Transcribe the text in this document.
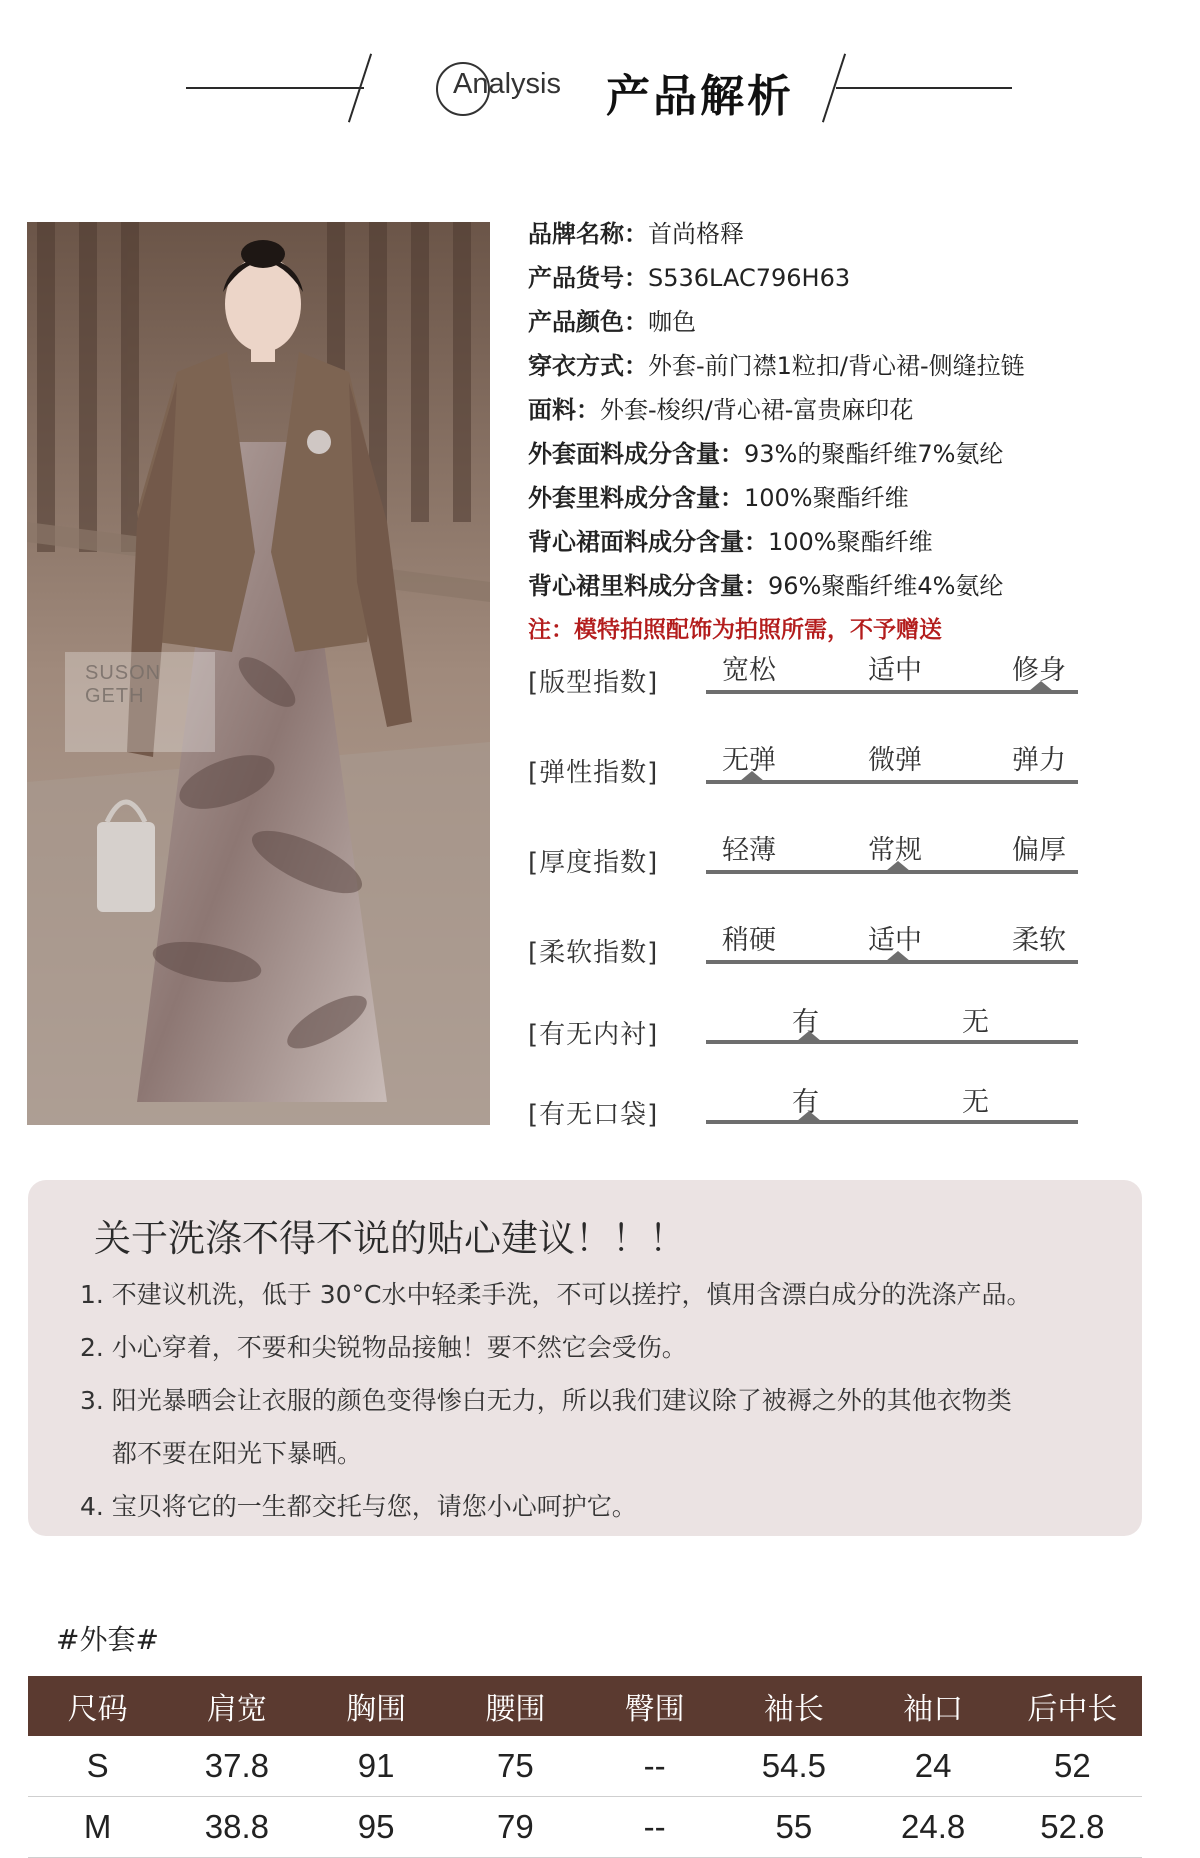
Analysis 产品解析
SUSON GETH
品牌名称：首尚格释
产品货号：S536LAC796H63
产品颜色：咖色
穿衣方式：外套-前门襟1粒扣/背心裙-侧缝拉链
面料：外套-梭织/背心裙-富贵麻印花
外套面料成分含量：93%的聚酯纤维7%氨纶
外套里料成分含量：100%聚酯纤维
背心裙面料成分含量：100%聚酯纤维
背心裙里料成分含量：96%聚酯纤维4%氨纶
注：模特拍照配饰为拍照所需，不予赠送
[版型指数] 宽松	适中	修身
[弹性指数] 无弹	微弹	弹力
[厚度指数] 轻薄	常规	偏厚
[柔软指数] 稍硬	适中	柔软
[有无内衬]	有	无
[有无口袋]	有	无
关于洗涤不得不说的贴心建议！！！
1. 不建议机洗，低于 30°C水中轻柔手洗，不可以搓拧，慎用含漂白成分的洗涤产品。
2. 小心穿着，不要和尖锐物品接触！要不然它会受伤。
3. 阳光暴晒会让衣服的颜色变得惨白无力，所以我们建议除了被褥之外的其他衣物类
都不要在阳光下暴晒。
4. 宝贝将它的一生都交托与您，请您小心呵护它。
#外套#
尺码	肩宽	胸围	腰围	臀围	袖长	袖口	后中长
S	37.8	91	75	--	54.5	24	52
M	38.8	95	79	--	55	24.8	52.8
